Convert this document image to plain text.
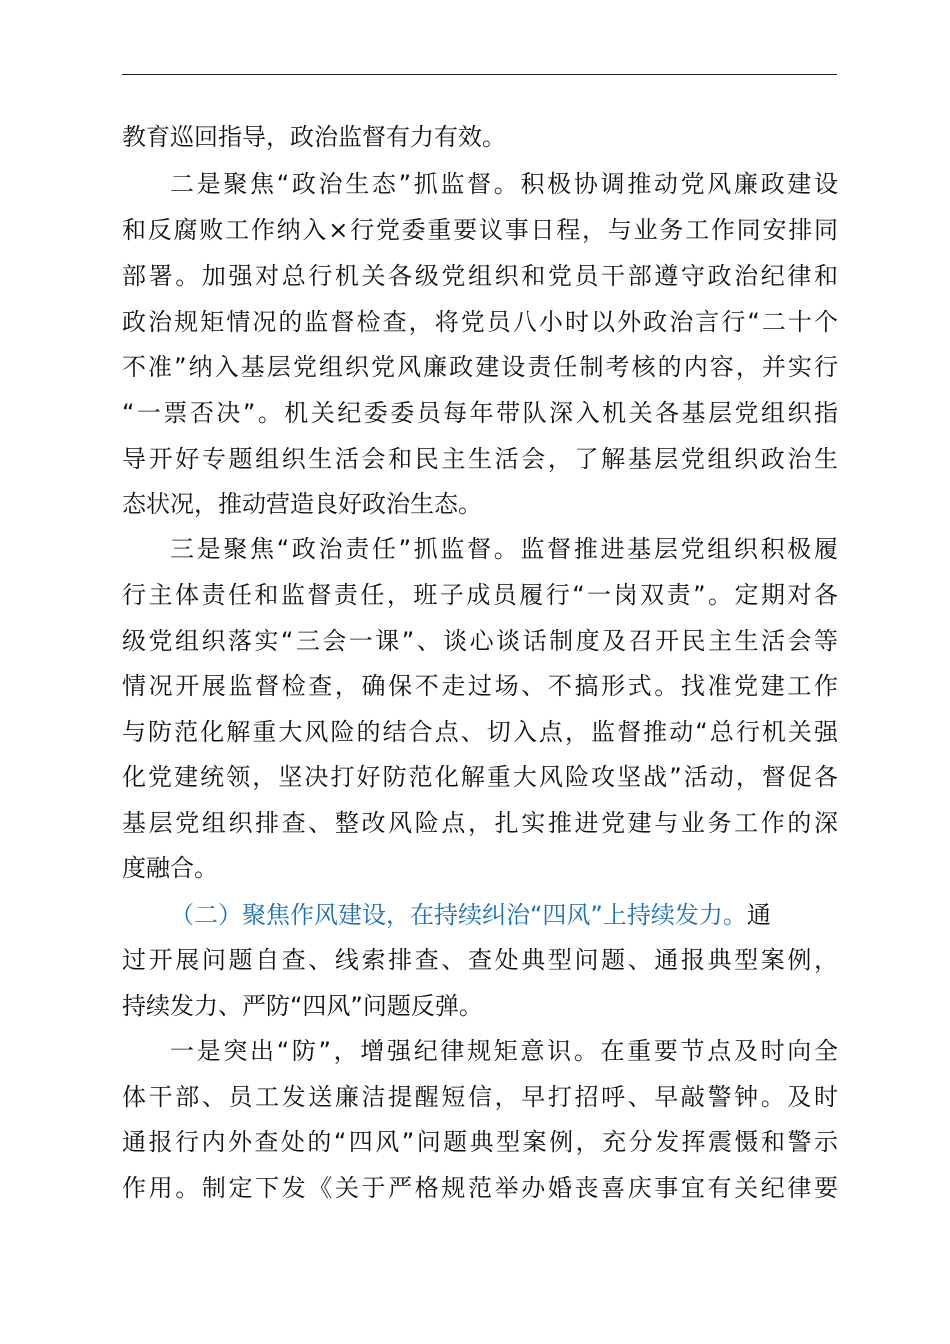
教育巡回指导，政治监督有力有效。
二是聚焦“政治生态”抓监督。积极协调推动党风廉政建设
和反腐败工作纳入×行党委重要议事日程，与业务工作同安排同
部署。加强对总行机关各级党组织和党员干部遵守政治纪律和
政治规矩情况的监督检查，将党员八小时以外政治言行“二十个
不准”纳入基层党组织党风廉政建设责任制考核的内容，并实行
“一票否决”。机关纪委委员每年带队深入机关各基层党组织指
导开好专题组织生活会和民主生活会，了解基层党组织政治生
态状况，推动营造良好政治生态。
三是聚焦“政治责任”抓监督。监督推进基层党组织积极履
行主体责任和监督责任，班子成员履行“一岗双责”。定期对各
级党组织落实“三会一课”、谈心谈话制度及召开民主生活会等
情况开展监督检查，确保不走过场、不搞形式。找准党建工作
与防范化解重大风险的结合点、切入点，监督推动“总行机关强
化党建统领，坚决打好防范化解重大风险攻坚战”活动，督促各
基层党组织排查、整改风险点，扎实推进党建与业务工作的深
度融合。
（二）聚焦作风建设，在持续纠治“四风”上持续发力。通
过开展问题自查、线索排查、查处典型问题、通报典型案例，
持续发力、严防“四风”问题反弹。
一是突出“防”，增强纪律规矩意识。在重要节点及时向全
体干部、员工发送廉洁提醒短信，早打招呼、早敲警钟。及时
通报行内外查处的“四风”问题典型案例，充分发挥震慑和警示
作用。制定下发《关于严格规范举办婚丧喜庆事宜有关纪律要
